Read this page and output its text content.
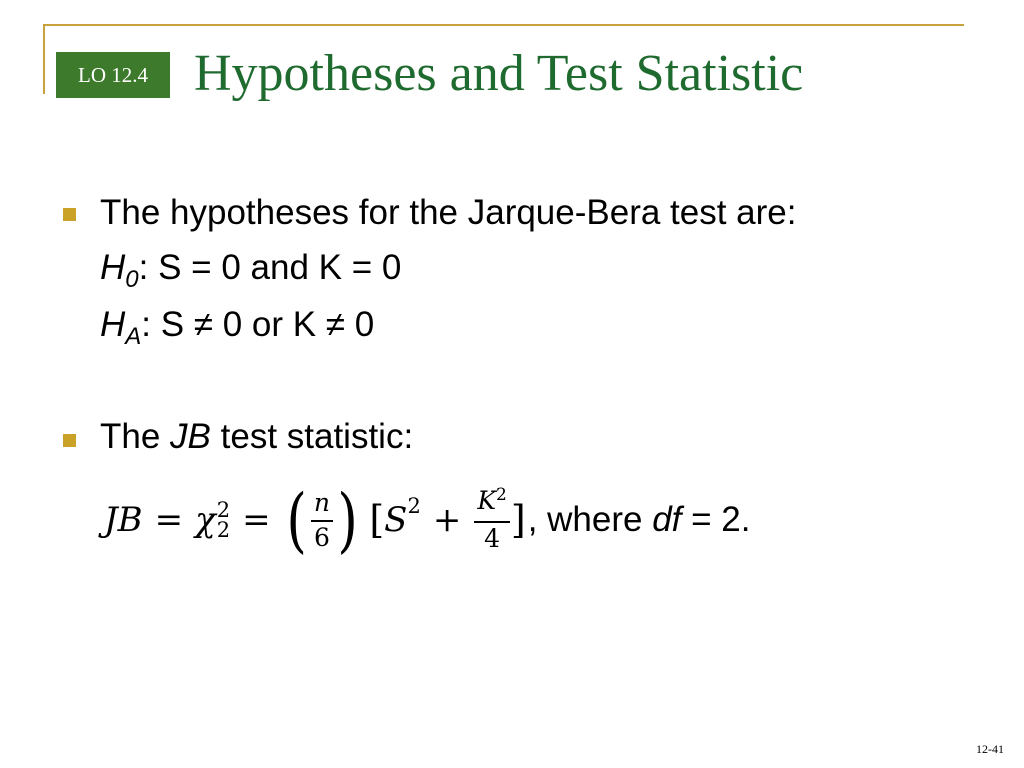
LO 12.4 Hypotheses and Test Statistic
The hypotheses for the Jarque-Bera test are:
$H_0$: S = 0 and K = 0
$H_A$: S ≠ 0 or K ≠ 0
The JB test statistic:
JB = χ 2
2 = ( $\frac{n}{6}$ ) [ S $2 + \frac{K^2}{4}$ ] , where df = 2.
12-41
